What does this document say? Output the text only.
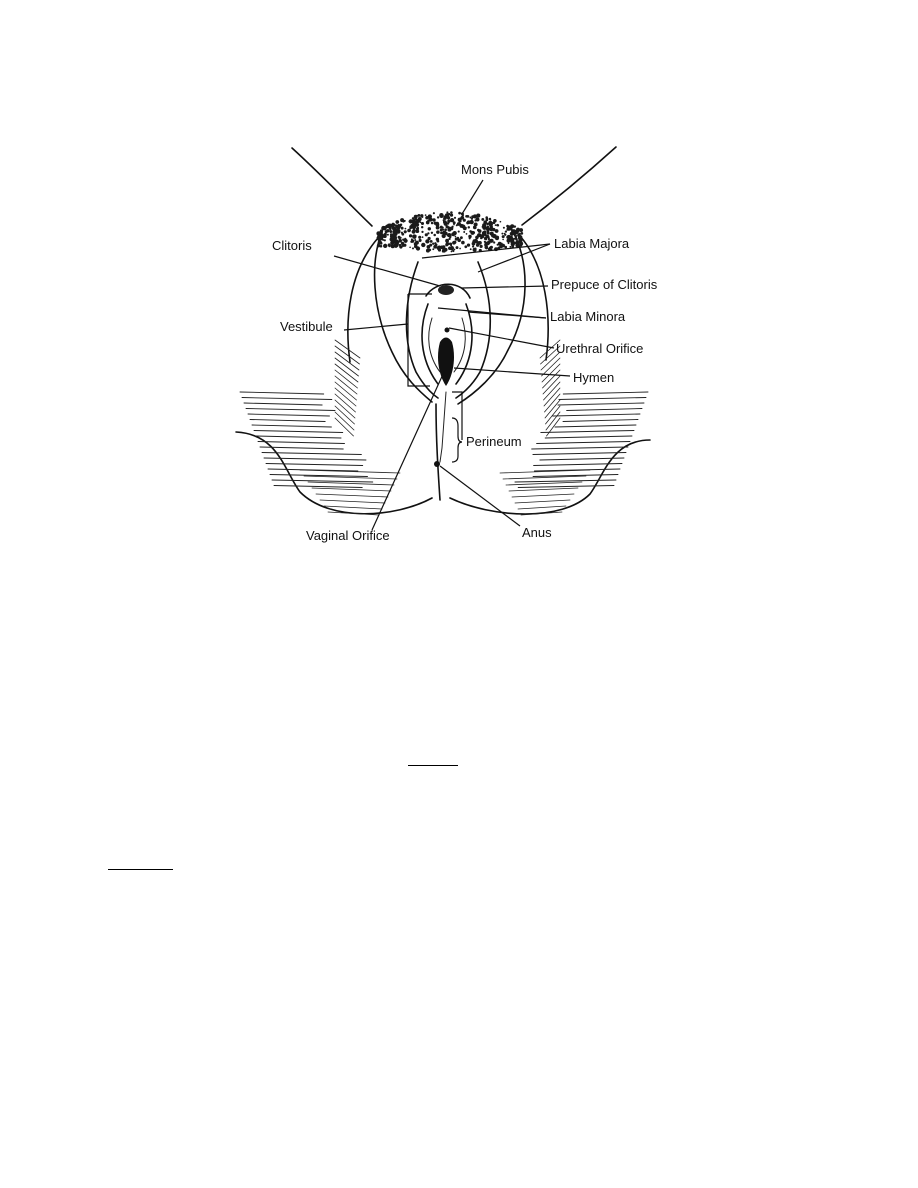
Mons Pubis
Clitoris	Labia Majora
Prepuce of Clitoris
Vestibule
Labia Minora
Urethral Orifice
Hymen
Perineum
Vaginal Orifice	Anus
